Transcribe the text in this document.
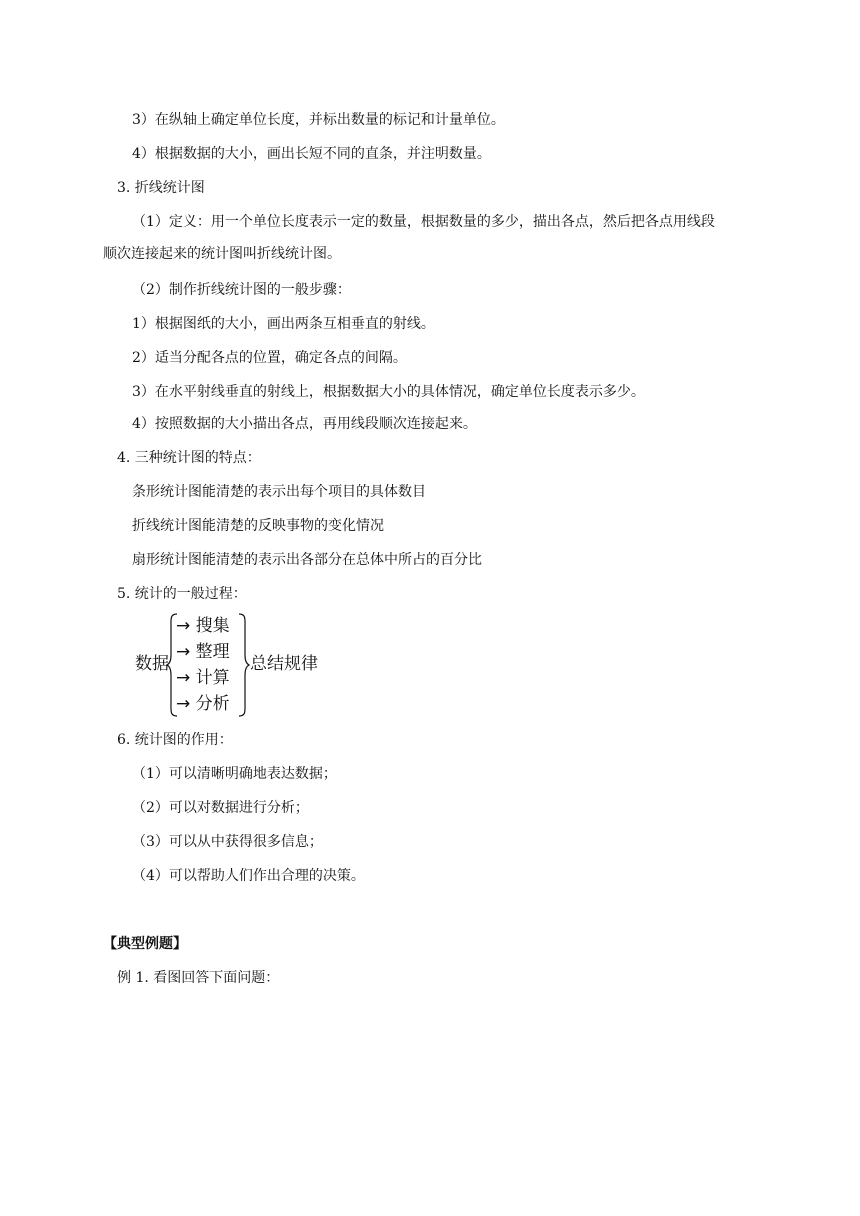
3）在纵轴上确定单位长度，并标出数量的标记和计量单位。
4）根据数据的大小，画出长短不同的直条，并注明数量。
3. 折线统计图
（1）定义：用一个单位长度表示一定的数量，根据数量的多少，描出各点，然后把各点用线段
顺次连接起来的统计图叫折线统计图。
（2）制作折线统计图的一般步骤：
1）根据图纸的大小，画出两条互相垂直的射线。
2）适当分配各点的位置，确定各点的间隔。
3）在水平射线垂直的射线上，根据数据大小的具体情况，确定单位长度表示多少。
4）按照数据的大小描出各点，再用线段顺次连接起来。
4. 三种统计图的特点：
条形统计图能清楚的表示出每个项目的具体数目
折线统计图能清楚的反映事物的变化情况
扇形统计图能清楚的表示出各部分在总体中所占的百分比
5. 统计的一般过程：
数据
→ 搜集
→ 整理
→ 计算
→ 分析
总结规律
6. 统计图的作用：
（1）可以清晰明确地表达数据；
（2）可以对数据进行分析；
（3）可以从中获得很多信息；
（4）可以帮助人们作出合理的决策。
【典型例题】
例 1. 看图回答下面问题：
